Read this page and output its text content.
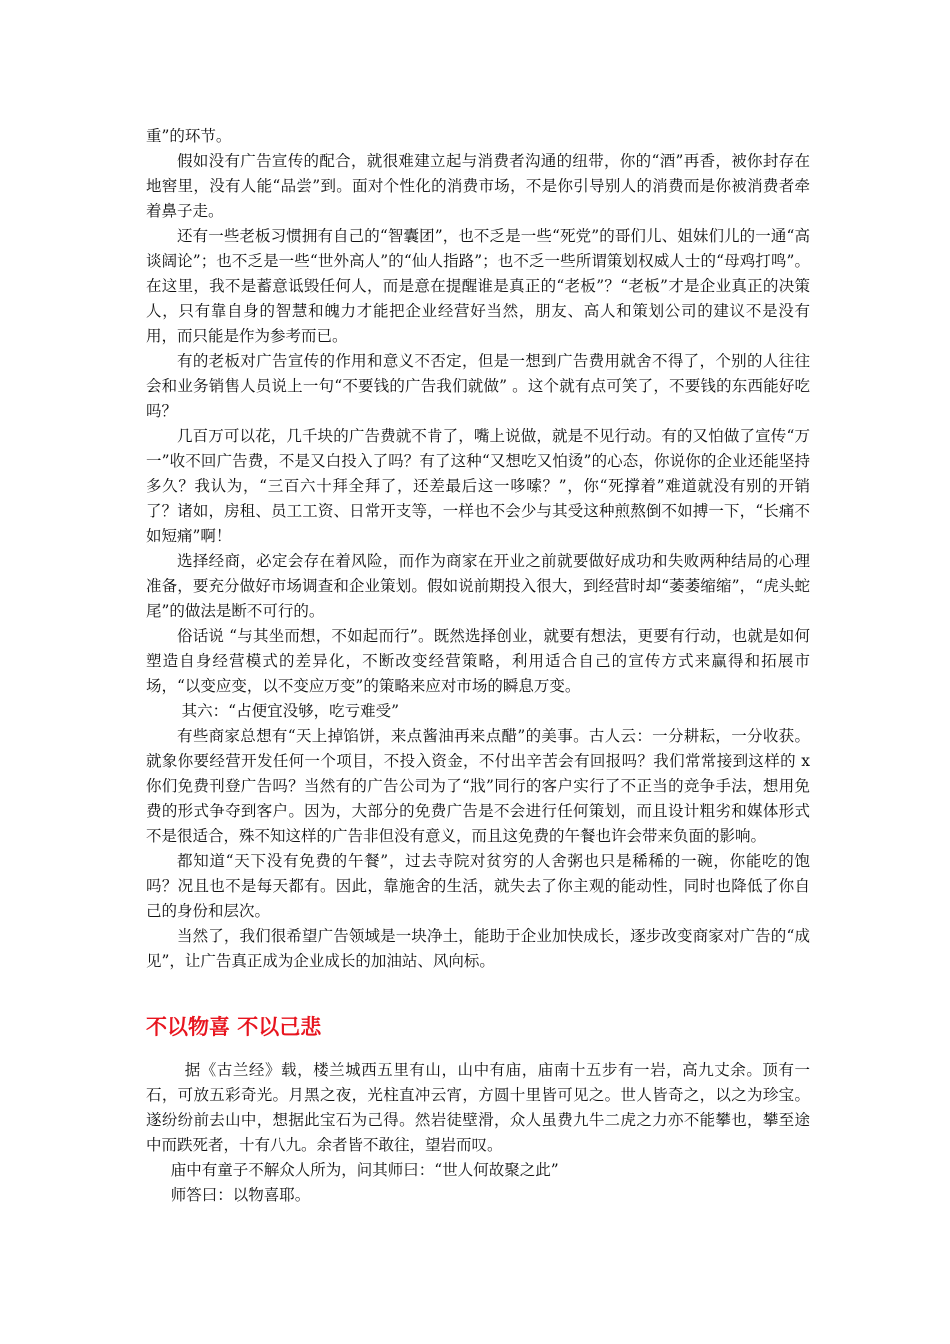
重”的环节。

假如没有广告宣传的配合，就很难建立起与消费者沟通的纽带，你的“酒”再香，被你封存在地窖里，没有人能“品尝”到。面对个性化的消费市场，不是你引导别人的消费而是你被消费者牵着鼻子走。

还有一些老板习惯拥有自己的“智囊团”，也不乏是一些“死党”的哥们儿、姐妹们儿的一通“高谈阔论”；也不乏是一些“世外高人”的“仙人指路”；也不乏一些所谓策划权威人士的“母鸡打鸣”。在这里，我不是蓄意诋毁任何人，而是意在提醒谁是真正的“老板”？“老板”才是企业真正的决策人，只有靠自身的智慧和魄力才能把企业经营好当然，朋友、高人和策划公司的建议不是没有用，而只能是作为参考而已。

有的老板对广告宣传的作用和意义不否定，但是一想到广告费用就舍不得了，个别的人往往会和业务销售人员说上一句“不要钱的广告我们就做” 。这个就有点可笑了，不要钱的东西能好吃吗？

几百万可以花，几千块的广告费就不肯了，嘴上说做，就是不见行动。有的又怕做了宣传“万一”收不回广告费，不是又白投入了吗？有了这种“又想吃又怕烫”的心态，你说你的企业还能坚持多久？我认为，“三百六十拜全拜了，还差最后这一哆嗦？”，你“死撑着”难道就没有别的开销了？诸如，房租、员工工资、日常开支等，一样也不会少与其受这种煎熬倒不如搏一下，“长痛不如短痛”啊！

选择经商，必定会存在着风险，而作为商家在开业之前就要做好成功和失败两种结局的心理准备，要充分做好市场调查和企业策划。假如说前期投入很大，到经营时却“萎萎缩缩”，“虎头蛇尾”的做法是断不可行的。

俗话说 “与其坐而想，不如起而行”。既然选择创业，就要有想法，更要有行动，也就是如何塑造自身经营模式的差异化，不断改变经营策略，利用适合自己的宣传方式来赢得和拓展市场，“以变应变，以不变应万变”的策略来应对市场的瞬息万变。

其六：“占便宜没够，吃亏难受”

有些商家总想有“天上掉馅饼，来点酱油再来点醋”的美事。古人云：一分耕耘，一分收获。就象你要经营开发任何一个项目，不投入资金，不付出辛苦会有回报吗？我们常常接到这样的 x 你们免费刊登广告吗？当然有的广告公司为了“戕”同行的客户实行了不正当的竞争手法，想用免费的形式争夺到客户。因为，大部分的免费广告是不会进行任何策划，而且设计粗劣和媒体形式不是很适合，殊不知这样的广告非但没有意义，而且这免费的午餐也许会带来负面的影响。

都知道“天下没有免费的午餐”，过去寺院对贫穷的人舍粥也只是稀稀的一碗，你能吃的饱吗？况且也不是每天都有。因此，靠施舍的生活，就失去了你主观的能动性，同时也降低了你自己的身份和层次。

当然了，我们很希望广告领域是一块净土，能助于企业加快成长，逐步改变商家对广告的“成见”，让广告真正成为企业成长的加油站、风向标。

不以物喜 不以己悲

据《古兰经》载，楼兰城西五里有山，山中有庙，庙南十五步有一岩，高九丈余。顶有一石，可放五彩奇光。月黑之夜，光柱直冲云宵，方圆十里皆可见之。世人皆奇之，以之为珍宝。遂纷纷前去山中，想据此宝石为己得。然岩徒壁滑，众人虽费九牛二虎之力亦不能攀也，攀至途中而跌死者，十有八九。余者皆不敢往，望岩而叹。

庙中有童子不解众人所为，问其师曰：“世人何故聚之此”

师答曰：以物喜耶。
